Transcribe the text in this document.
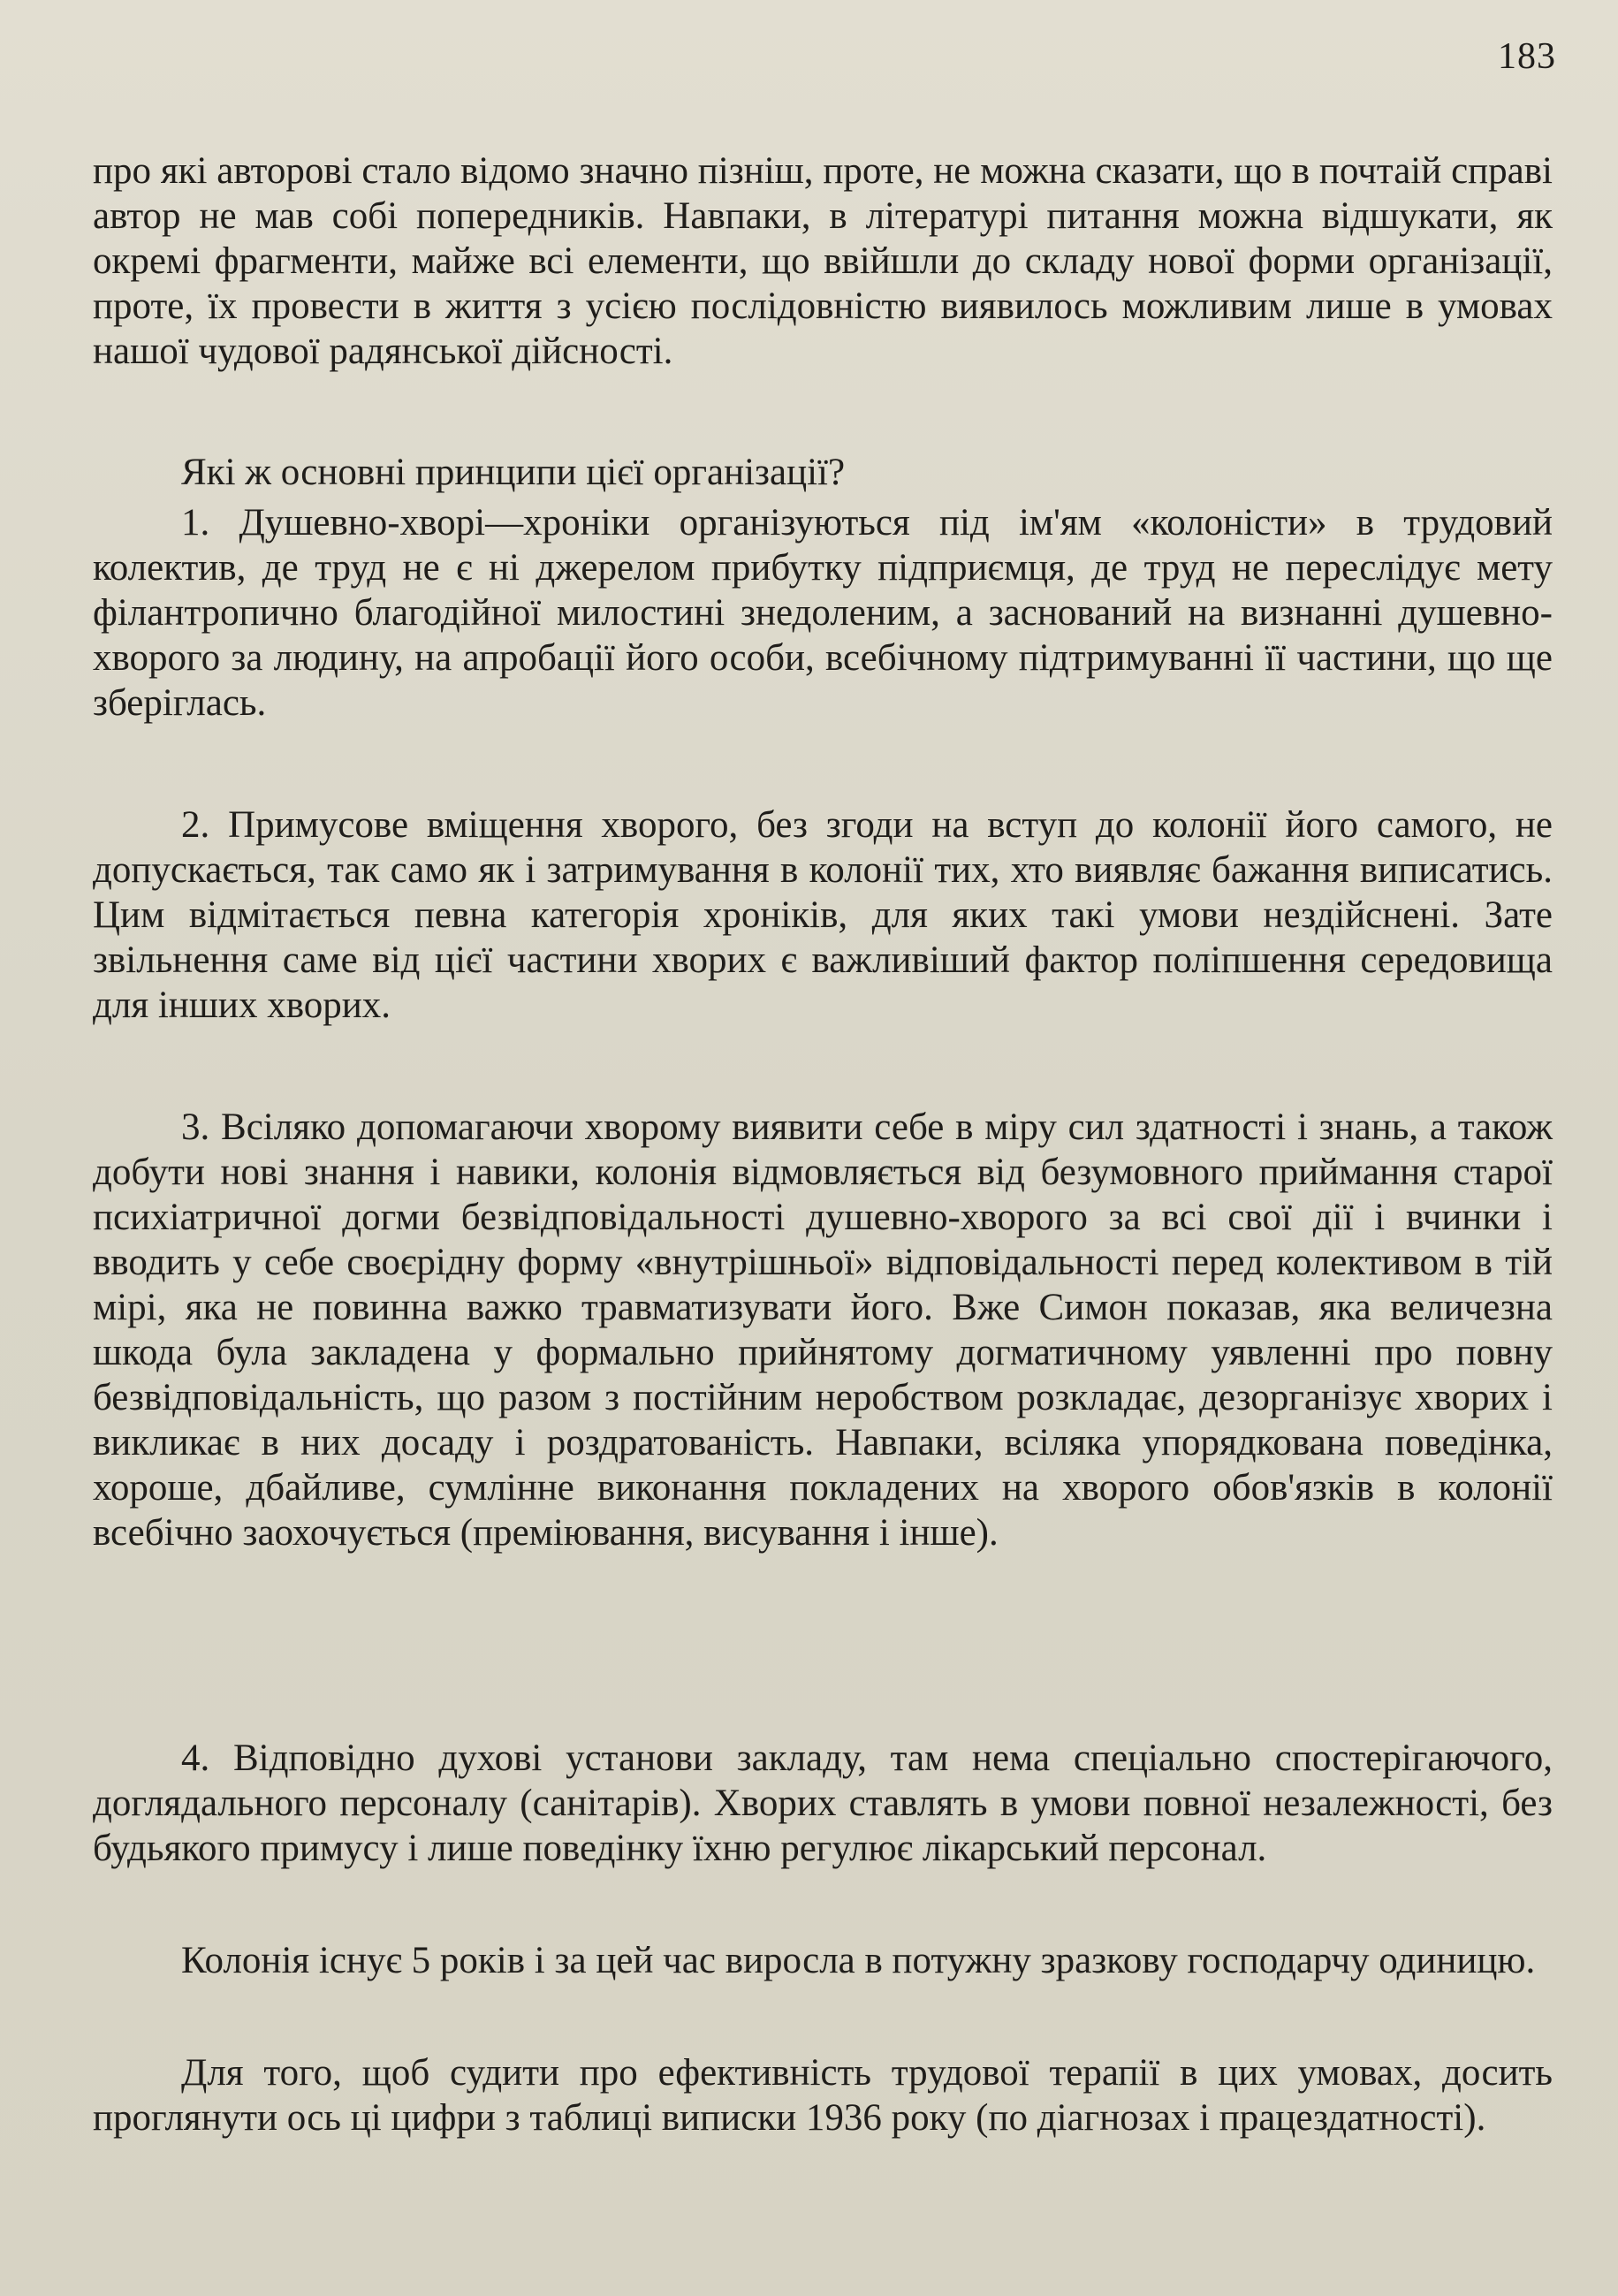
183

про які авторові стало відомо значно пізніш, проте, не можна сказати, що в почтаій справі автор не мав собі попередників. Навпаки, в літературі питання можна відшукати, як окремі фрагменти, майже всі елементи, що ввійшли до складу нової форми організації, проте, їх провести в життя з усією послідовністю виявилось можливим лише в умовах нашої чудової радянської дійсності.

Які ж основні принципи цієї організації?

1. Душевно-хворі—хроніки організуються під ім'ям «колоністи» в трудовий колектив, де труд не є ні джерелом прибутку підприємця, де труд не переслідує мету філантропично благодійної милостині знедоленим, а заснований на визнанні душевно-хворого за людину, на апробації його особи, всебічному підтримуванні її частини, що ще зберіглась.

2. Примусове вміщення хворого, без згоди на вступ до колонії його самого, не допускається, так само як і затримування в колонії тих, хто виявляє бажання виписатись. Цим відмітається певна категорія хроніків, для яких такі умови нездійснені. Зате звільнення саме від цієї частини хворих є важливіший фактор поліпшення середовища для інших хворих.

3. Всіляко допомагаючи хворому виявити себе в міру сил здатності і знань, а також добути нові знання і навики, колонія відмовляється від безумовного приймання старої психіатричної догми безвідповідальності душевно-хворого за всі свої дії і вчинки і вводить у себе своєрідну форму «внутрішньої» відповідальності перед колективом в тій мірі, яка не повинна важко травматизувати його. Вже Симон показав, яка величезна шкода була закладена у формально прийнятому догматичному уявленні про повну безвідповідальність, що разом з постійним неробством розкладає, дезорганізує хворих і викликає в них досаду і роздратованість. Навпаки, всіляка упорядкована поведінка, хороше, дбайливе, сумлінне виконання покладених на хворого обов'язків в колонії всебічно заохочується (преміювання, висування і інше).

4. Відповідно духові установи закладу, там нема спеціально спостерігаючого, доглядального персоналу (санітарів). Хворих ставлять в умови повної незалежності, без будьякого примусу і лише поведінку їхню регулює лікарський персонал.

Колонія існує 5 років і за цей час виросла в потужну зразкову господарчу одиницю.

Для того, щоб судити про ефективність трудової терапії в цих умовах, досить проглянути ось ці цифри з таблиці виписки 1936 року (по діагнозах і працездатності).
